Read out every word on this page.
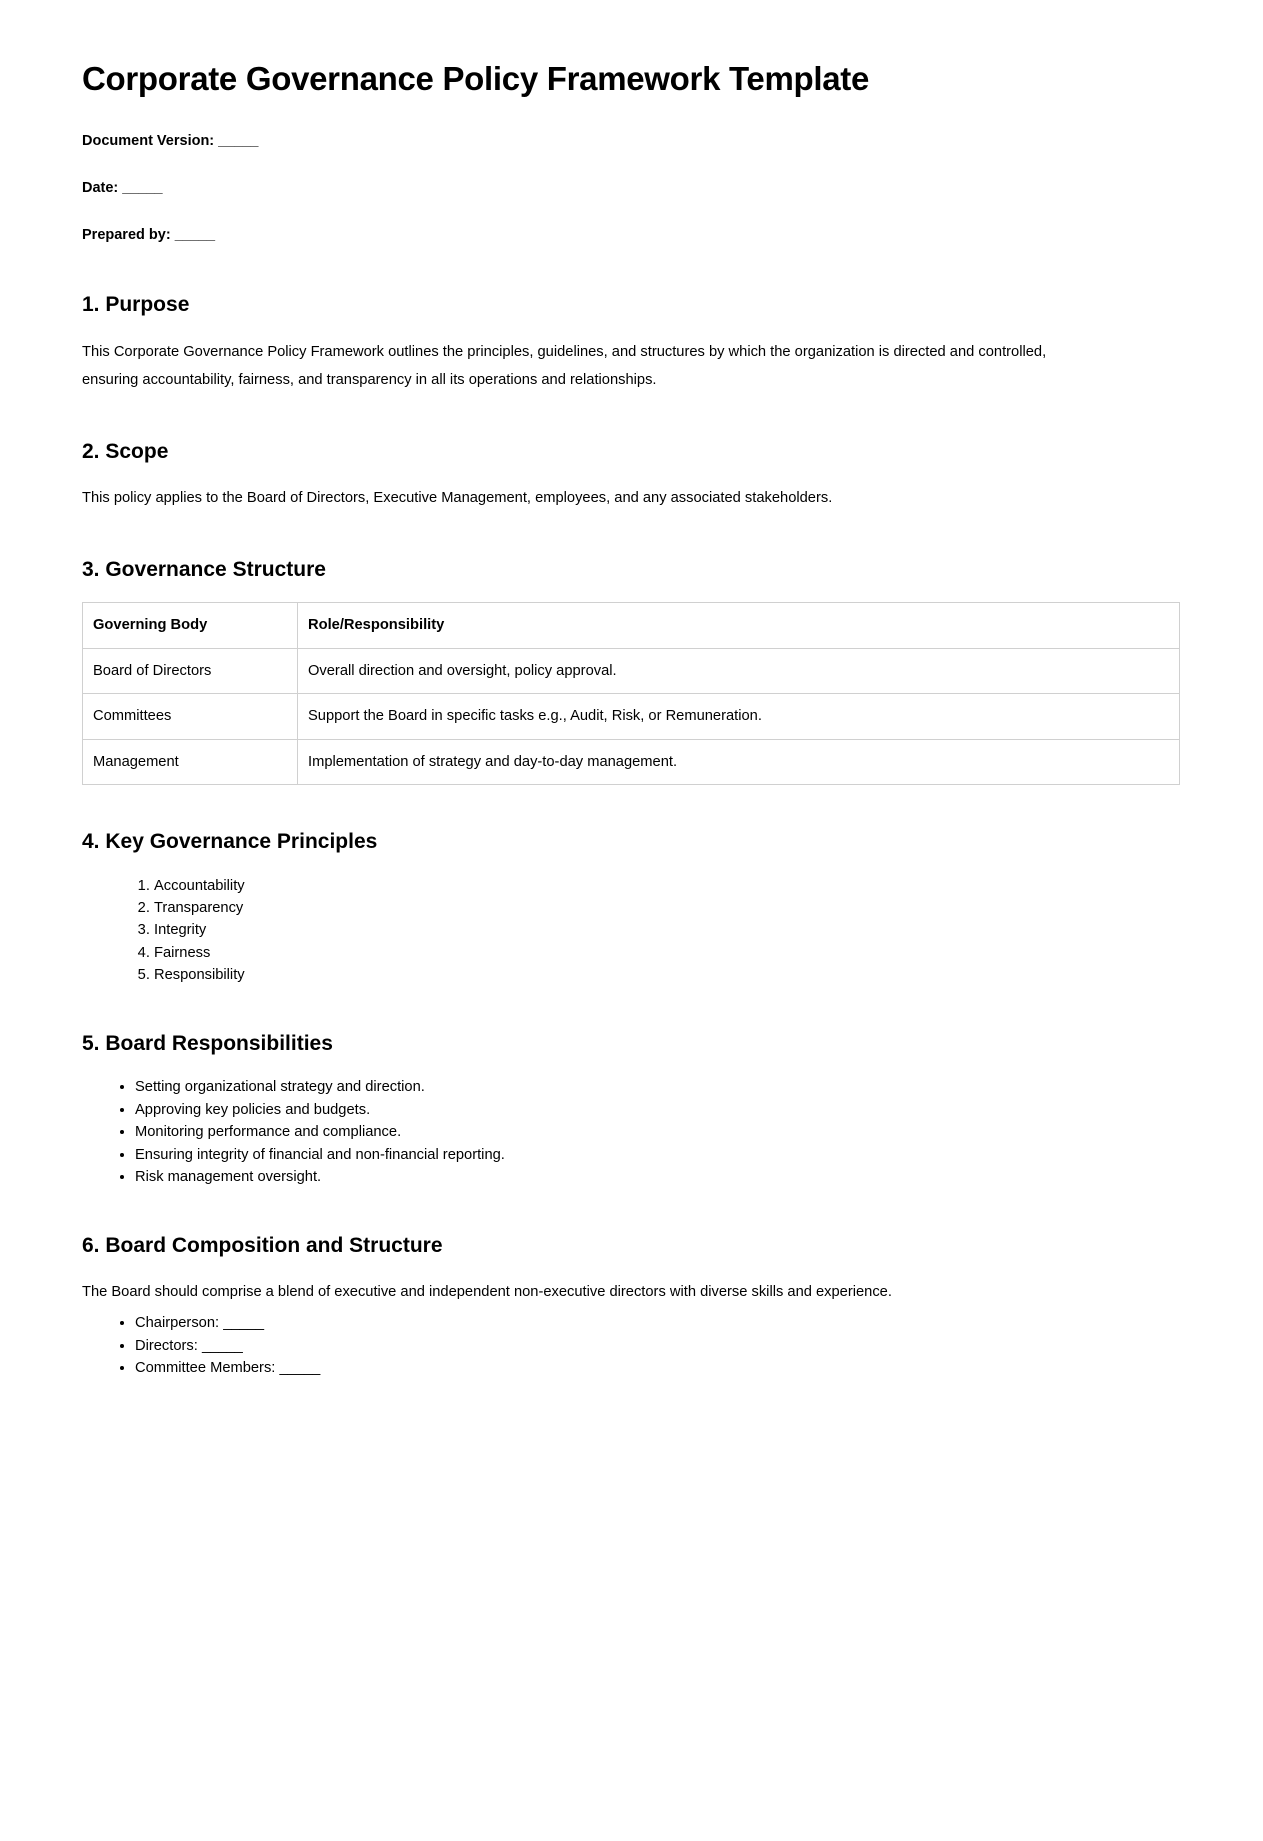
Corporate Governance Policy Framework Template
Document Version: _____
Date: _____
Prepared by: _____
1. Purpose

This Corporate Governance Policy Framework outlines the principles, guidelines, and structures by which the organization is directed and controlled, ensuring accountability, fairness, and transparency in all its operations and relationships.

2. Scope

This policy applies to the Board of Directors, Executive Management, employees, and any associated stakeholders.

3. Governance Structure
Governing Body	Role/Responsibility
Board of Directors	Overall direction and oversight, policy approval.
Committees	Support the Board in specific tasks e.g., Audit, Risk, or Remuneration.
Management	Implementation of strategy and day-to-day management.
4. Key Governance Principles
1. Accountability
2. Transparency
3. Integrity
4. Fairness
5. Responsibility
5. Board Responsibilities
• Setting organizational strategy and direction.
• Approving key policies and budgets.
• Monitoring performance and compliance.
• Ensuring integrity of financial and non-financial reporting.
• Risk management oversight.
6. Board Composition and Structure

The Board should comprise a blend of executive and independent non-executive directors with diverse skills and experience.

• Chairperson: _____
• Directors: _____
• Committee Members: _____
